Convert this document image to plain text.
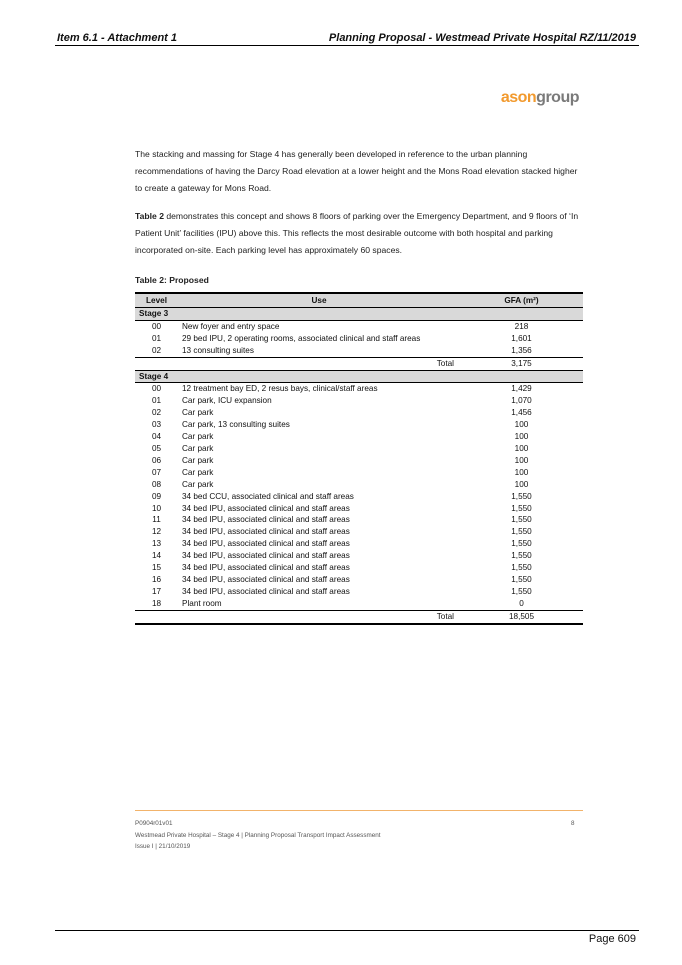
Item 6.1 - Attachment 1	Planning Proposal - Westmead Private Hospital RZ/11/2019
asongroup

The stacking and massing for Stage 4 has generally been developed in reference to the urban planning recommendations of having the Darcy Road elevation at a lower height and the Mons Road elevation stacked higher to create a gateway for Mons Road.

Table 2 demonstrates this concept and shows 8 floors of parking over the Emergency Department, and 9 floors of ‘In Patient Unit’ facilities (IPU) above this. This reflects the most desirable outcome with both hospital and parking incorporated on-site. Each parking level has approximately 60 spaces.

Table 2: Proposed
Level	Use	GFA (m²)
Stage 3		
00	New foyer and entry space	218
01	29 bed IPU, 2 operating rooms, associated clinical and staff areas	1,601
02	13 consulting suites	1,356
	Total	3,175
Stage 4		
00	12 treatment bay ED, 2 resus bays, clinical/staff areas	1,429
01	Car park, ICU expansion	1,070
02	Car park	1,456
03	Car park, 13 consulting suites	100
04	Car park	100
05	Car park	100
06	Car park	100
07	Car park	100
08	Car park	100
09	34 bed CCU, associated clinical and staff areas	1,550
10	34 bed IPU, associated clinical and staff areas	1,550
11	34 bed IPU, associated clinical and staff areas	1,550
12	34 bed IPU, associated clinical and staff areas	1,550
13	34 bed IPU, associated clinical and staff areas	1,550
14	34 bed IPU, associated clinical and staff areas	1,550
15	34 bed IPU, associated clinical and staff areas	1,550
16	34 bed IPU, associated clinical and staff areas	1,550
17	34 bed IPU, associated clinical and staff areas	1,550
18	Plant room	0
	Total	18,505
P0904r01v01
Westmead Private Hospital – Stage 4 | Planning Proposal Transport Impact Assessment
Issue I | 21/10/2019
8
Page 609
